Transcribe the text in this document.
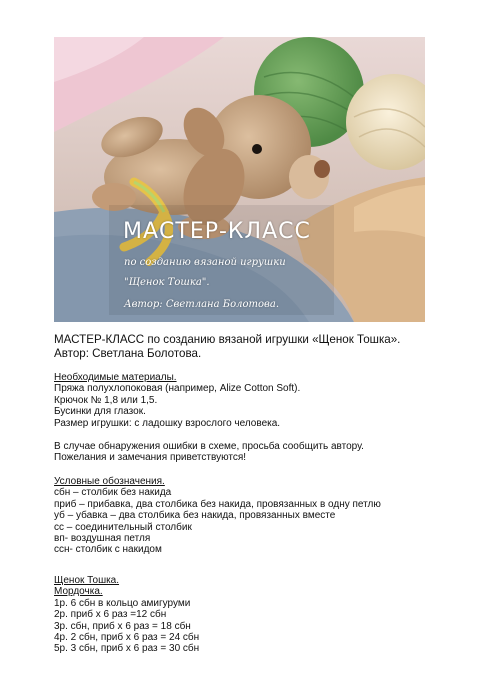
МАСТЕР-КЛАСС
по созданию вязаной игрушки
"Щенок Тошка".
Автор: Светлана Болотова.
МАСТЕР-КЛАСС по созданию вязаной игрушки «Щенок Тошка».
Автор: Светлана Болотова.
Необходимые материалы.
Пряжа полухлопоковая (например, Alize Cotton Soft).
Крючок № 1,8 или 1,5.
Бусинки для глазок.
Размер игрушки: с ладошку взрослого человека.
В случае обнаружения ошибки в схеме, просьба сообщить автору.
Пожелания и замечания приветствуются!
Условные обозначения.
сбн – столбик без накида
приб – прибавка, два столбика без накида, провязанных в одну петлю
уб – убавка – два столбика без накида, провязанных вместе
сс – соединительный столбик
вп- воздушная петля
ссн- столбик с накидом
Щенок Тошка.
Мордочка.
1р. 6 сбн в кольцо амигуруми
2р. приб х 6 раз =12 сбн
3р. сбн, приб х 6 раз = 18 сбн
4р. 2 сбн, приб х 6 раз = 24 сбн
5р. 3 сбн, приб х 6 раз = 30 сбн
